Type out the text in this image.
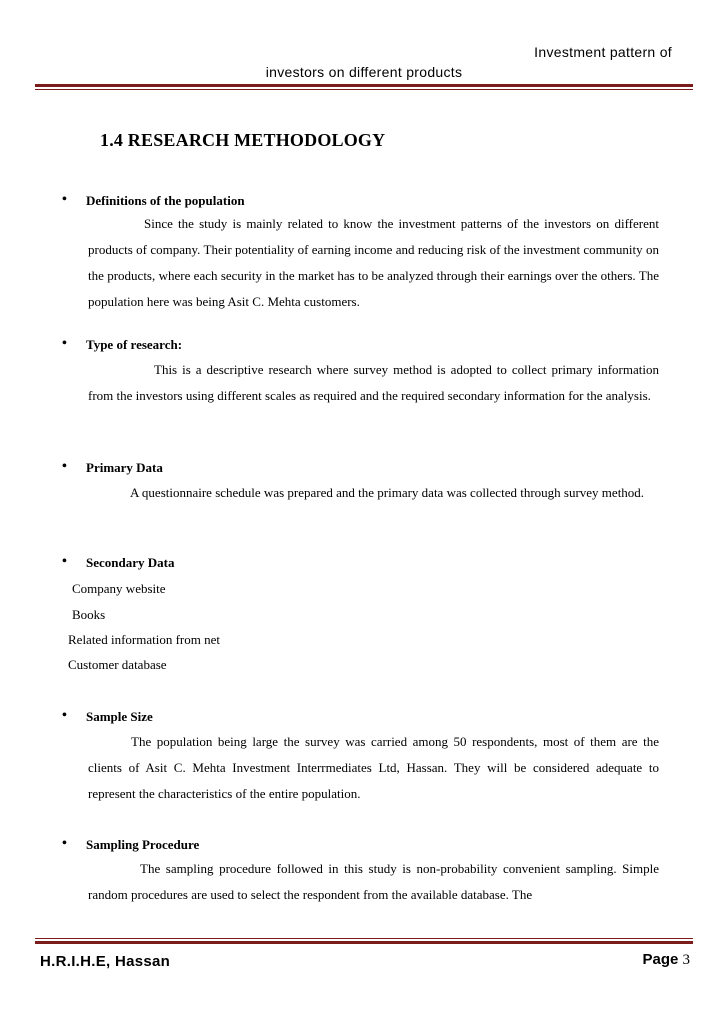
Investment pattern of
investors on different products
1.4 RESEARCH METHODOLOGY
• Definitions of the population
Since the study is mainly related to know the investment patterns of the investors on different products of company. Their potentiality of earning income and reducing risk of the investment community on the products, where each security in the market has to be analyzed through their earnings over the others. The population here was being Asit C. Mehta customers.
• Type of research:
This is a descriptive research where survey method is adopted to collect primary information from the investors using different scales as required and the required secondary information for the analysis.
• Primary Data
A questionnaire schedule was prepared and the primary data was collected through survey method.
• Secondary Data
Company website
Books
Related information from net
Customer database
• Sample Size
The population being large the survey was carried among 50 respondents, most of them are the clients of Asit C. Mehta Investment Interrmediates Ltd, Hassan. They will be considered adequate to represent the characteristics of the entire population.
• Sampling Procedure
The sampling procedure followed in this study is non-probability convenient sampling. Simple random procedures are used to select the respondent from the available database. The
H.R.I.H.E, Hassan	Page 3
